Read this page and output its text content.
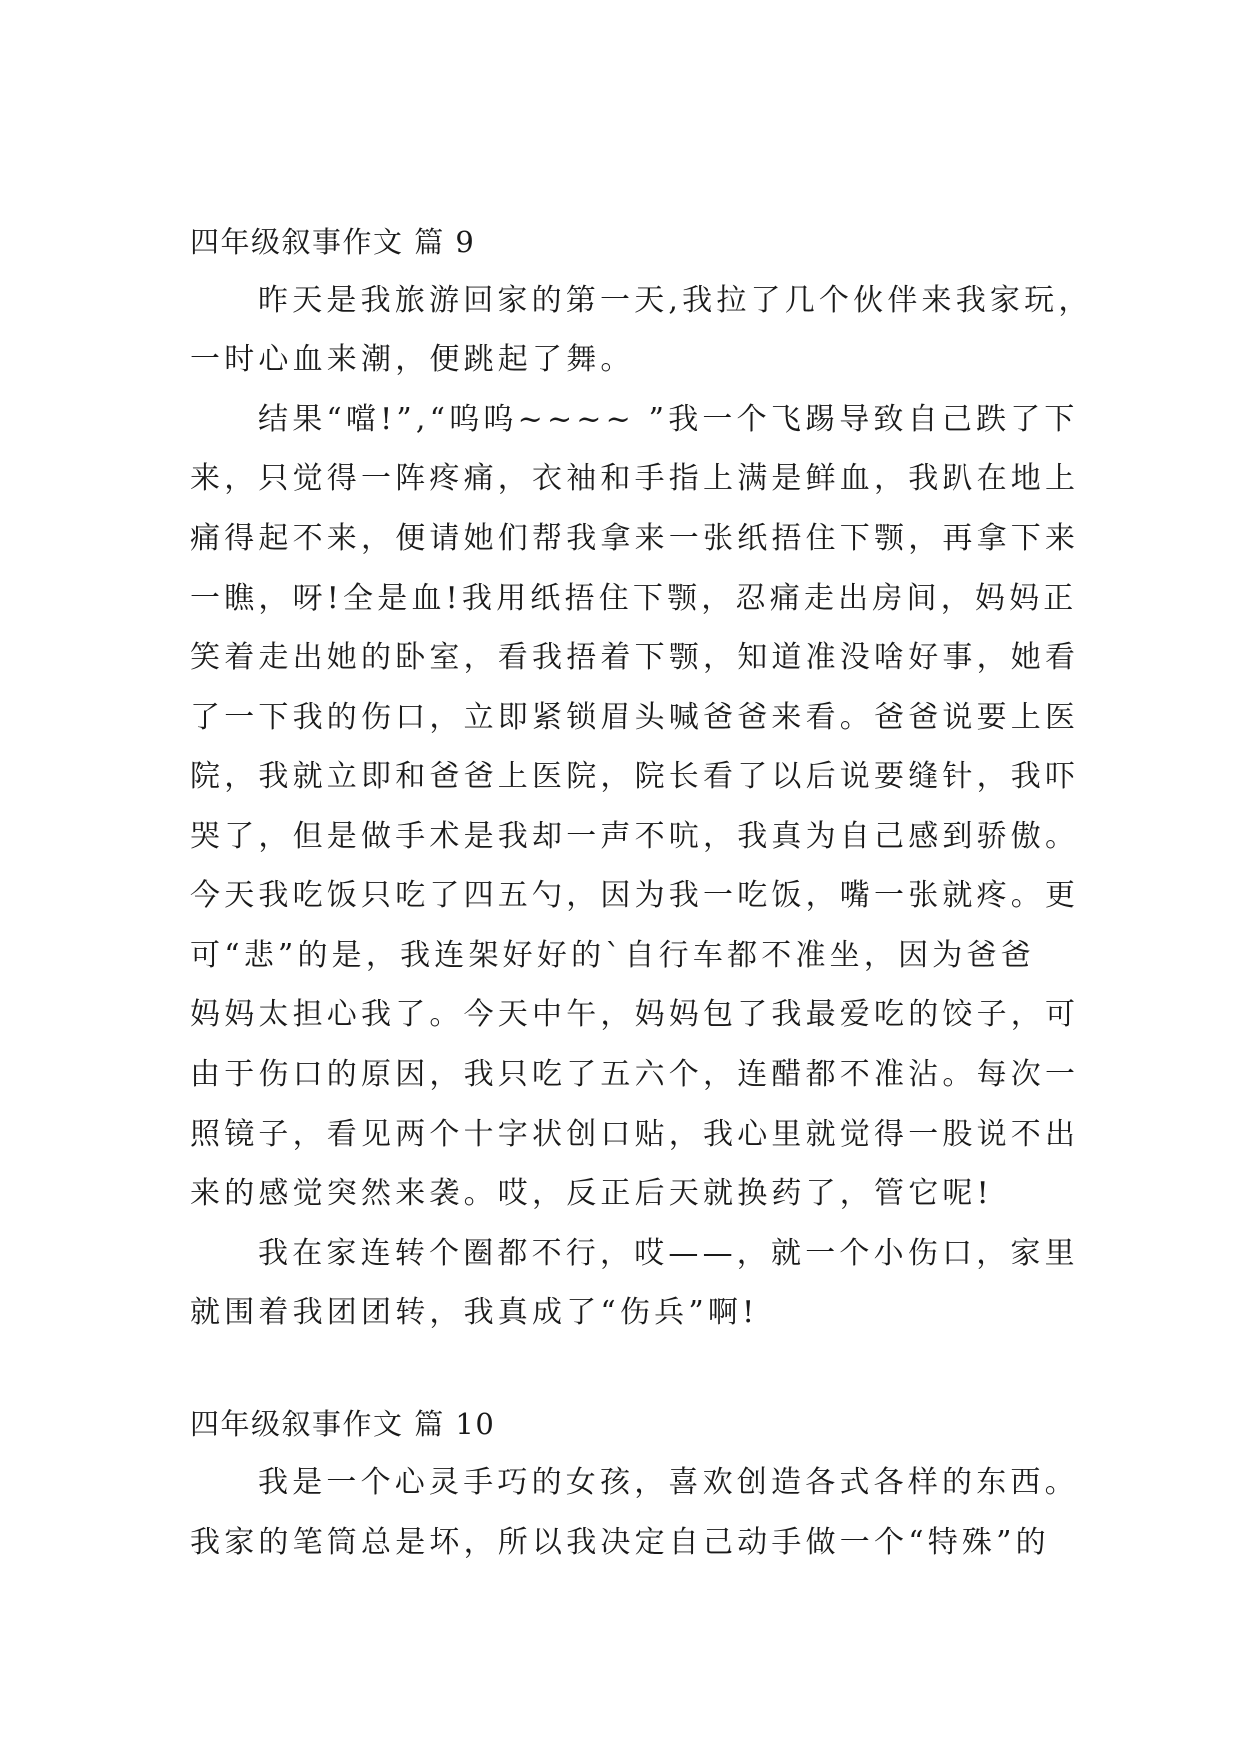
四年级叙事作文 篇 9
昨天是我旅游回家的第一天,我拉了几个伙伴来我家玩，
一时心血来潮，便跳起了舞。
结果“噹!”,“呜呜~~~~ ”我一个飞踢导致自己跌了下
来，只觉得一阵疼痛，衣袖和手指上满是鲜血，我趴在地上
痛得起不来，便请她们帮我拿来一张纸捂住下颚，再拿下来
一瞧，呀!全是血!我用纸捂住下颚，忍痛走出房间，妈妈正
笑着走出她的卧室，看我捂着下颚，知道准没啥好事，她看
了一下我的伤口，立即紧锁眉头喊爸爸来看。爸爸说要上医
院，我就立即和爸爸上医院，院长看了以后说要缝针，我吓
哭了，但是做手术是我却一声不吭，我真为自己感到骄傲。
今天我吃饭只吃了四五勺，因为我一吃饭，嘴一张就疼。更
可“悲”的是，我连架好好的`自行车都不准坐，因为爸爸
妈妈太担心我了。今天中午，妈妈包了我最爱吃的饺子，可
由于伤口的原因，我只吃了五六个，连醋都不准沾。每次一
照镜子，看见两个十字状创口贴，我心里就觉得一股说不出
来的感觉突然来袭。哎，反正后天就换药了，管它呢!
我在家连转个圈都不行，哎——，就一个小伤口，家里
就围着我团团转，我真成了“伤兵”啊!
四年级叙事作文 篇 10
我是一个心灵手巧的女孩，喜欢创造各式各样的东西。
我家的笔筒总是坏，所以我决定自己动手做一个“特殊”的
